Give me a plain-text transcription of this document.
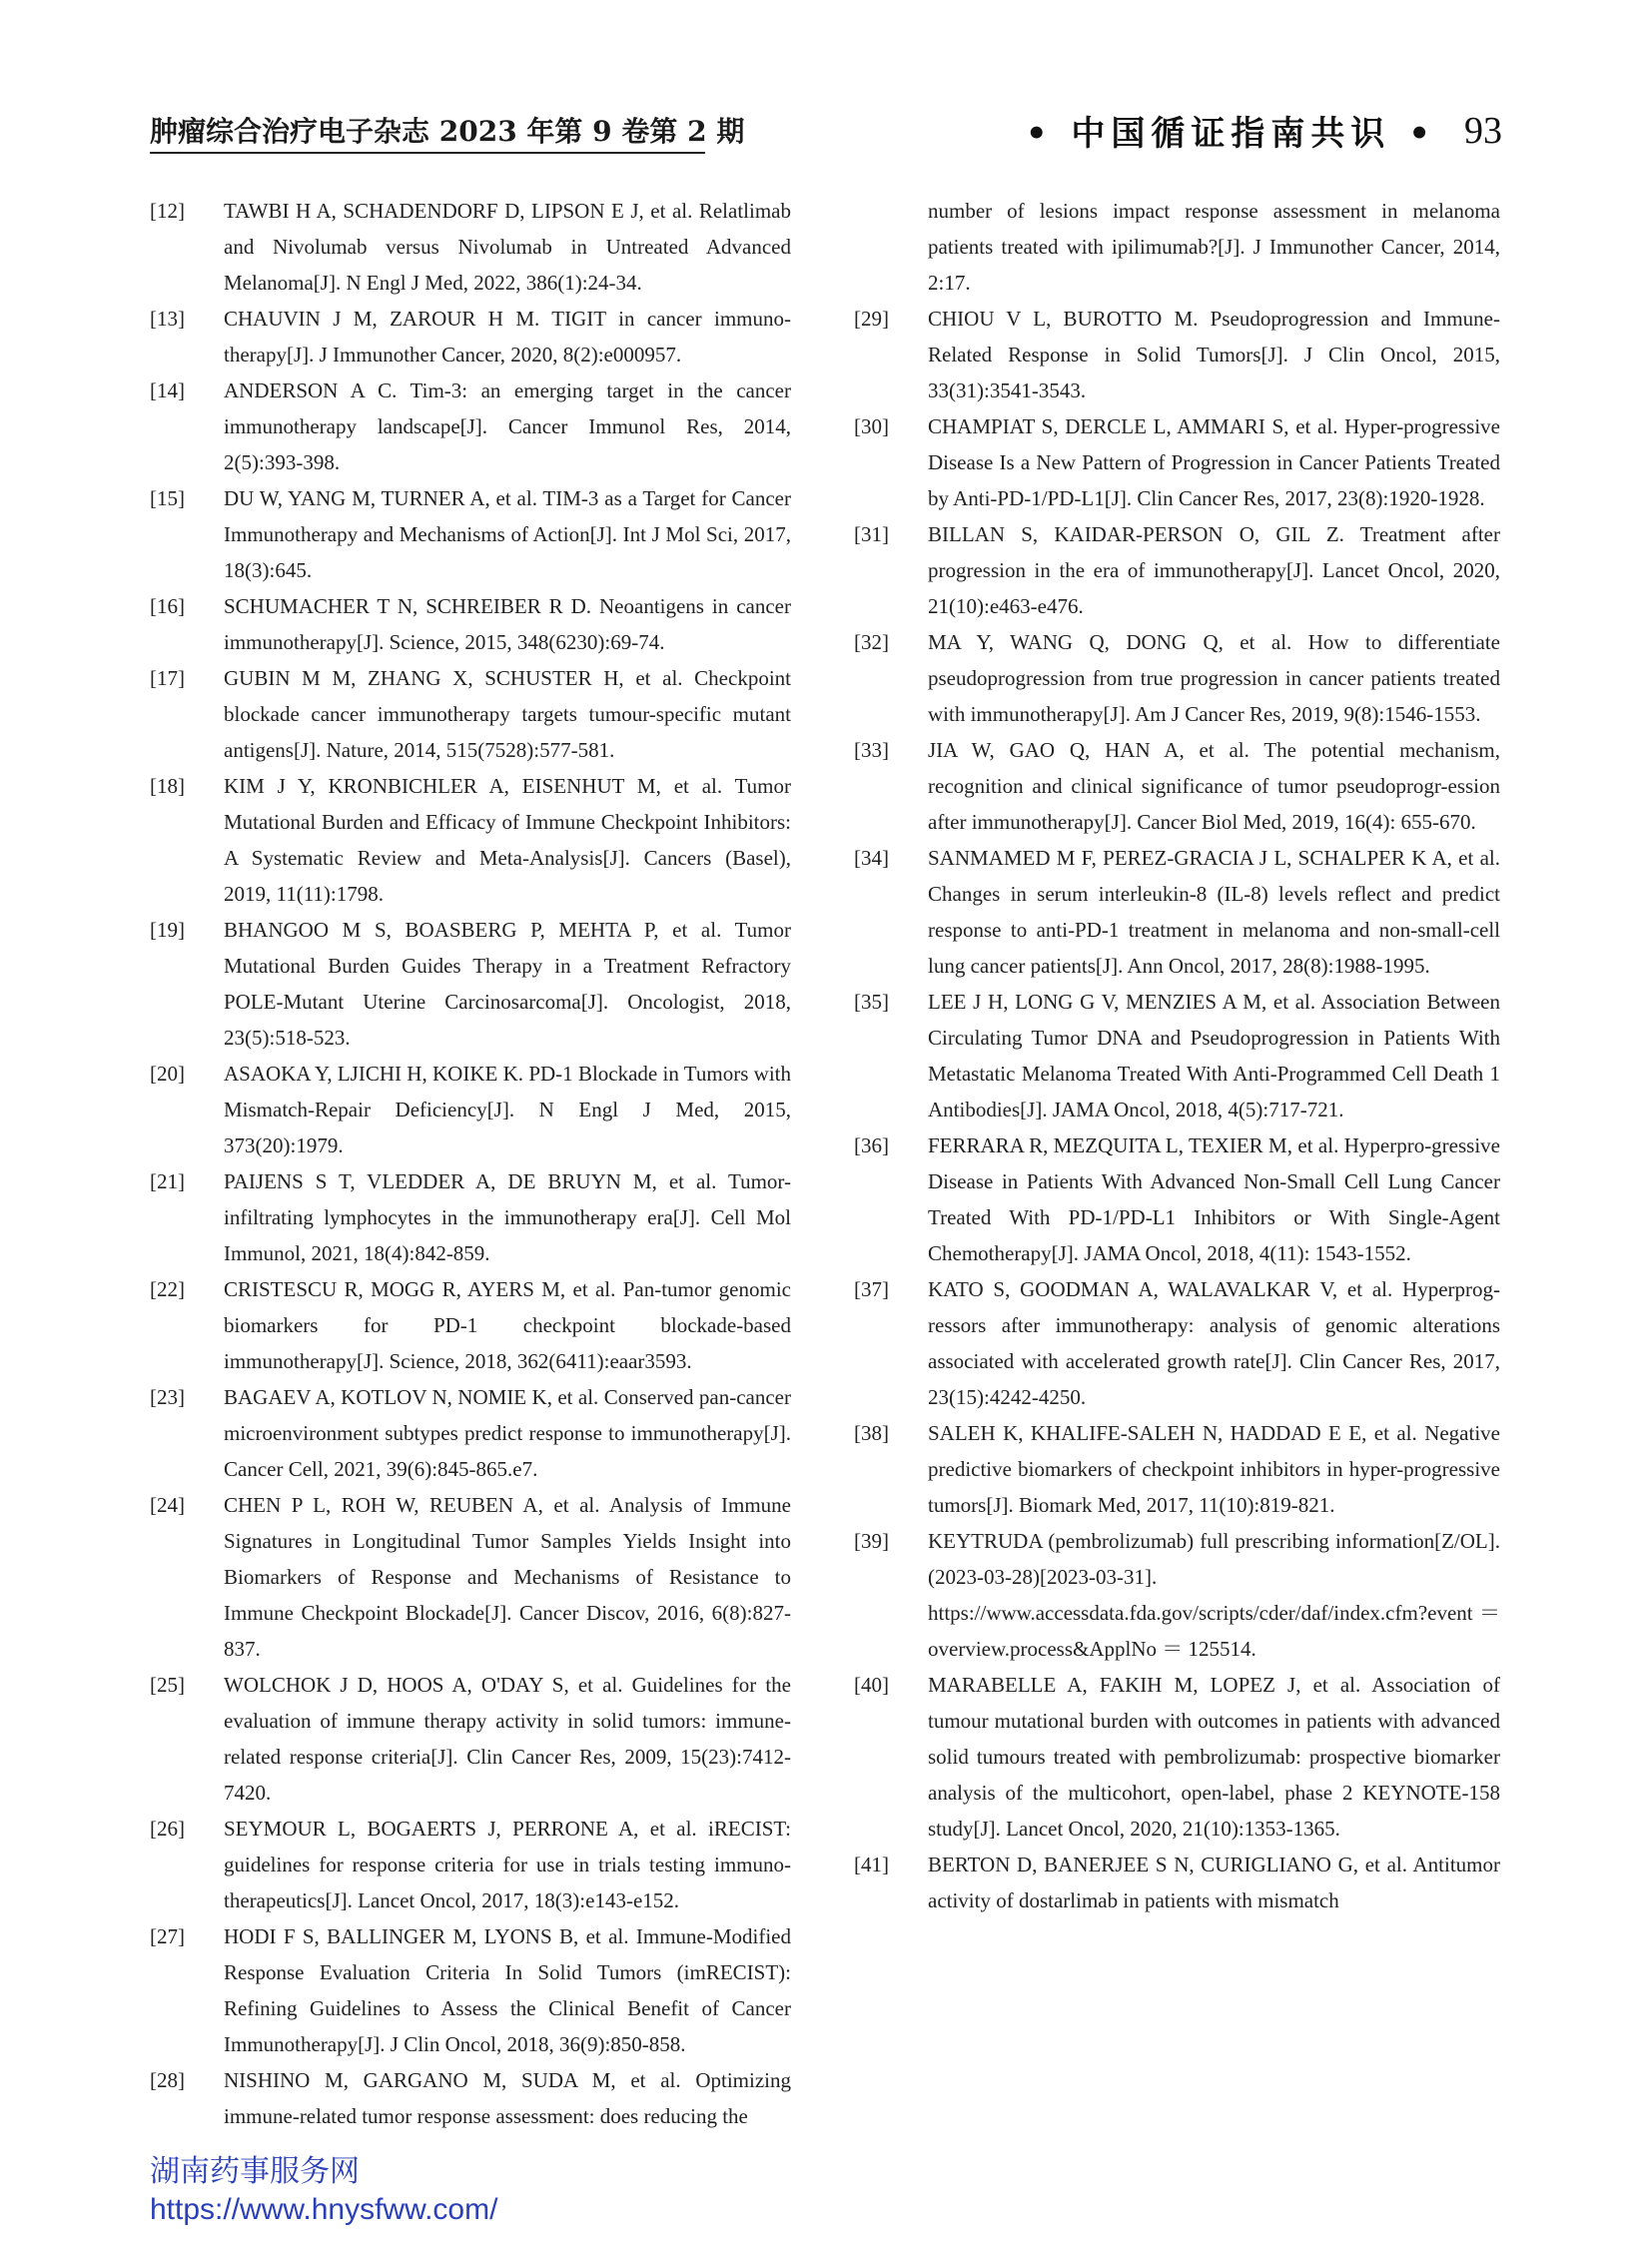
肿瘤综合治疗电子杂志 2023 年第 9 卷第 2 期	• 中国循证指南共识 • 93
[12] TAWBI H A, SCHADENDORF D, LIPSON E J, et al. Relatlimab and Nivolumab versus Nivolumab in Untreated Advanced Melanoma[J]. N Engl J Med, 2022, 386(1):24-34.
[13] CHAUVIN J M, ZAROUR H M. TIGIT in cancer immuno-therapy[J]. J Immunother Cancer, 2020, 8(2):e000957.
[14] ANDERSON A C. Tim-3: an emerging target in the cancer immunotherapy landscape[J]. Cancer Immunol Res, 2014, 2(5):393-398.
[15] DU W, YANG M, TURNER A, et al. TIM-3 as a Target for Cancer Immunotherapy and Mechanisms of Action[J]. Int J Mol Sci, 2017, 18(3):645.
[16] SCHUMACHER T N, SCHREIBER R D. Neoantigens in cancer immunotherapy[J]. Science, 2015, 348(6230):69-74.
[17] GUBIN M M, ZHANG X, SCHUSTER H, et al. Checkpoint blockade cancer immunotherapy targets tumour-specific mutant antigens[J]. Nature, 2014, 515(7528):577-581.
[18] KIM J Y, KRONBICHLER A, EISENHUT M, et al. Tumor Mutational Burden and Efficacy of Immune Checkpoint Inhibitors: A Systematic Review and Meta-Analysis[J]. Cancers (Basel), 2019, 11(11):1798.
[19] BHANGOO M S, BOASBERG P, MEHTA P, et al. Tumor Mutational Burden Guides Therapy in a Treatment Refractory POLE-Mutant Uterine Carcinosarcoma[J]. Oncologist, 2018, 23(5):518-523.
[20] ASAOKA Y, LJICHI H, KOIKE K. PD-1 Blockade in Tumors with Mismatch-Repair Deficiency[J]. N Engl J Med, 2015, 373(20):1979.
[21] PAIJENS S T, VLEDDER A, DE BRUYN M, et al. Tumor-infiltrating lymphocytes in the immunotherapy era[J]. Cell Mol Immunol, 2021, 18(4):842-859.
[22] CRISTESCU R, MOGG R, AYERS M, et al. Pan-tumor genomic biomarkers for PD-1 checkpoint blockade-based immunotherapy[J]. Science, 2018, 362(6411):eaar3593.
[23] BAGAEV A, KOTLOV N, NOMIE K, et al. Conserved pan-cancer microenvironment subtypes predict response to immunotherapy[J]. Cancer Cell, 2021, 39(6):845-865.e7.
[24] CHEN P L, ROH W, REUBEN A, et al. Analysis of Immune Signatures in Longitudinal Tumor Samples Yields Insight into Biomarkers of Response and Mechanisms of Resistance to Immune Checkpoint Blockade[J]. Cancer Discov, 2016, 6(8):827-837.
[25] WOLCHOK J D, HOOS A, O'DAY S, et al. Guidelines for the evaluation of immune therapy activity in solid tumors: immune-related response criteria[J]. Clin Cancer Res, 2009, 15(23):7412-7420.
[26] SEYMOUR L, BOGAERTS J, PERRONE A, et al. iRECIST: guidelines for response criteria for use in trials testing immuno-therapeutics[J]. Lancet Oncol, 2017, 18(3):e143-e152.
[27] HODI F S, BALLINGER M, LYONS B, et al. Immune-Modified Response Evaluation Criteria In Solid Tumors (imRECIST): Refining Guidelines to Assess the Clinical Benefit of Cancer Immunotherapy[J]. J Clin Oncol, 2018, 36(9):850-858.
[28] NISHINO M, GARGANO M, SUDA M, et al. Optimizing immune-related tumor response assessment: does reducing the
number of lesions impact response assessment in melanoma patients treated with ipilimumab?[J]. J Immunother Cancer, 2014, 2:17.
[29] CHIOU V L, BUROTTO M. Pseudoprogression and Immune-Related Response in Solid Tumors[J]. J Clin Oncol, 2015, 33(31):3541-3543.
[30] CHAMPIAT S, DERCLE L, AMMARI S, et al. Hyper-progressive Disease Is a New Pattern of Progression in Cancer Patients Treated by Anti-PD-1/PD-L1[J]. Clin Cancer Res, 2017, 23(8):1920-1928.
[31] BILLAN S, KAIDAR-PERSON O, GIL Z. Treatment after progression in the era of immunotherapy[J]. Lancet Oncol, 2020, 21(10):e463-e476.
[32] MA Y, WANG Q, DONG Q, et al. How to differentiate pseudoprogression from true progression in cancer patients treated with immunotherapy[J]. Am J Cancer Res, 2019, 9(8):1546-1553.
[33] JIA W, GAO Q, HAN A, et al. The potential mechanism, recognition and clinical significance of tumor pseudoprogr-ession after immunotherapy[J]. Cancer Biol Med, 2019, 16(4): 655-670.
[34] SANMAMED M F, PEREZ-GRACIA J L, SCHALPER K A, et al. Changes in serum interleukin-8 (IL-8) levels reflect and predict response to anti-PD-1 treatment in melanoma and non-small-cell lung cancer patients[J]. Ann Oncol, 2017, 28(8):1988-1995.
[35] LEE J H, LONG G V, MENZIES A M, et al. Association Between Circulating Tumor DNA and Pseudoprogression in Patients With Metastatic Melanoma Treated With Anti-Programmed Cell Death 1 Antibodies[J]. JAMA Oncol, 2018, 4(5):717-721.
[36] FERRARA R, MEZQUITA L, TEXIER M, et al. Hyperpro-gressive Disease in Patients With Advanced Non-Small Cell Lung Cancer Treated With PD-1/PD-L1 Inhibitors or With Single-Agent Chemotherapy[J]. JAMA Oncol, 2018, 4(11): 1543-1552.
[37] KATO S, GOODMAN A, WALAVALKAR V, et al. Hyperprog-ressors after immunotherapy: analysis of genomic alterations associated with accelerated growth rate[J]. Clin Cancer Res, 2017, 23(15):4242-4250.
[38] SALEH K, KHALIFE-SALEH N, HADDAD E E, et al. Negative predictive biomarkers of checkpoint inhibitors in hyper-progressive tumors[J]. Biomark Med, 2017, 11(10):819-821.
[39] KEYTRUDA (pembrolizumab) full prescribing information[Z/OL]. (2023-03-28)[2023-03-31]. https://www.accessdata.fda.gov/scripts/cder/daf/index.cfm?event ＝ overview.process&ApplNo ＝ 125514.
[40] MARABELLE A, FAKIH M, LOPEZ J, et al. Association of tumour mutational burden with outcomes in patients with advanced solid tumours treated with pembrolizumab: prospective biomarker analysis of the multicohort, open-label, phase 2 KEYNOTE-158 study[J]. Lancet Oncol, 2020, 21(10):1353-1365.
[41] BERTON D, BANERJEE S N, CURIGLIANO G, et al. Antitumor activity of dostarlimab in patients with mismatch
湖南药事服务网
https://www.hnysfww.com/
